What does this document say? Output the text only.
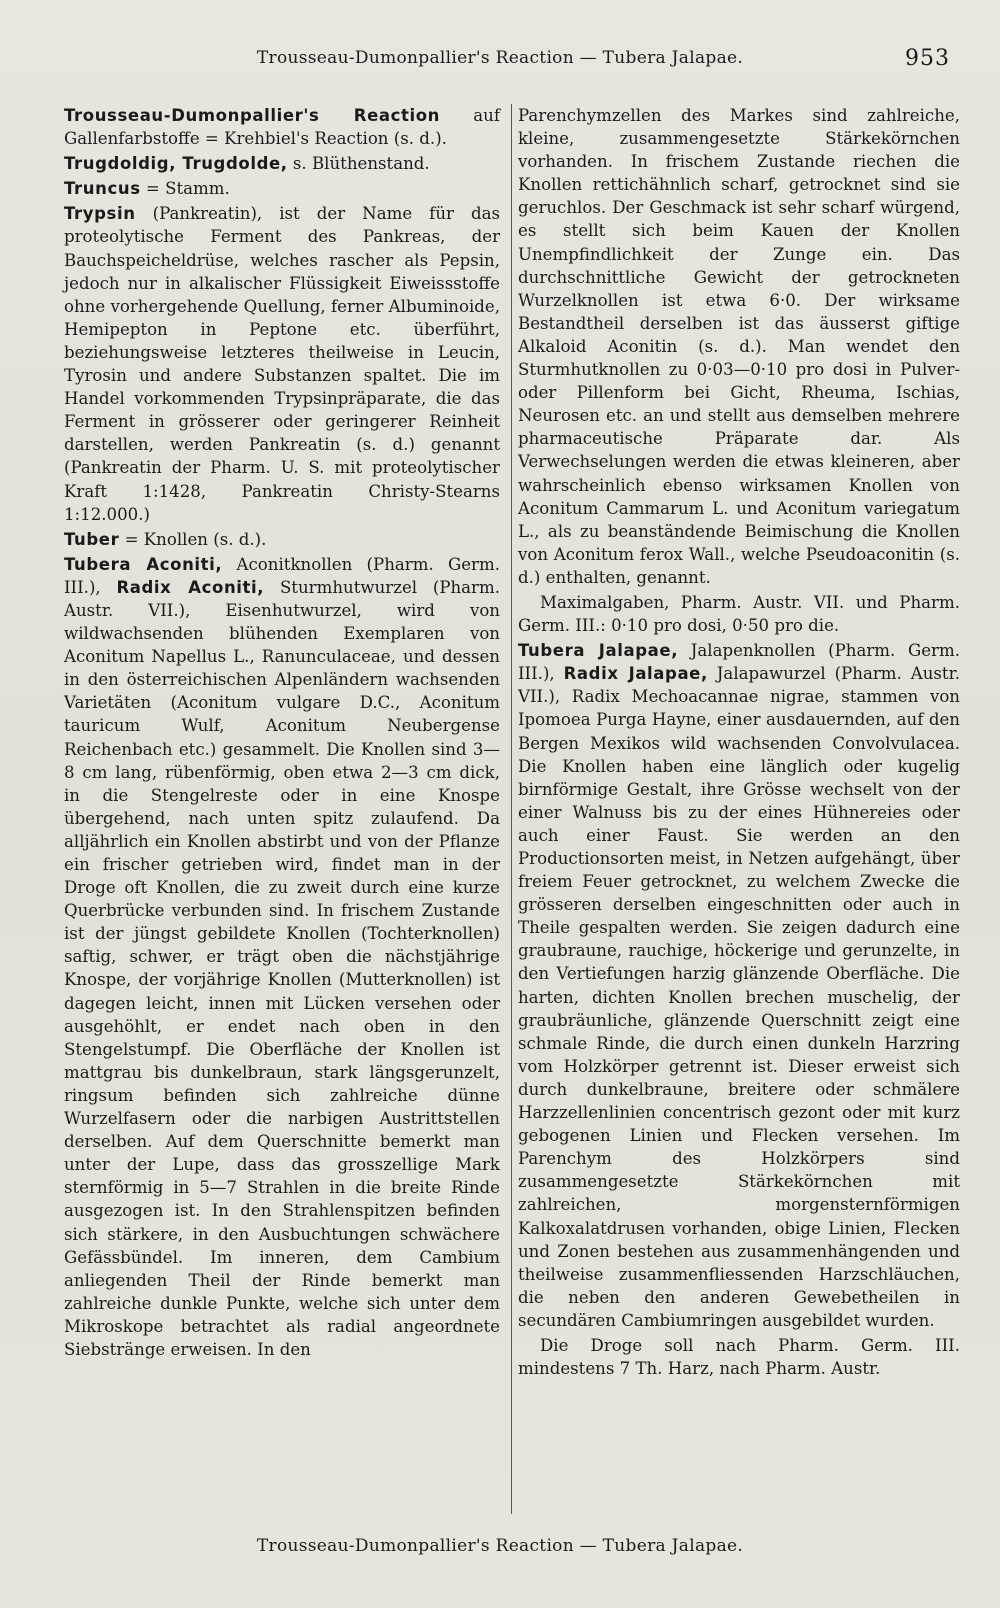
Trousseau-Dumonpallier's Reaction — Tubera Jalapae.	953

Trousseau-Dumonpallier's Reaction auf Gallenfarbstoffe = Krehbiel's Reaction (s. d.).

Trugdoldig, Trugdolde, s. Blüthenstand.

Truncus = Stamm.

Trypsin (Pankreatin), ist der Name für das proteolytische Ferment des Pankreas, der Bauchspeicheldrüse, welches rascher als Pepsin, jedoch nur in alkalischer Flüssigkeit Eiweissstoffe ohne vorhergehende Quellung, ferner Albuminoide, Hemipepton in Peptone etc. überführt, beziehungsweise letzteres theilweise in Leucin, Tyrosin und andere Substanzen spaltet. Die im Handel vorkommenden Trypsinpräparate, die das Ferment in grösserer oder geringerer Reinheit darstellen, werden Pankreatin (s. d.) genannt (Pankreatin der Pharm. U. S. mit proteolytischer Kraft 1:1428, Pankreatin Christy-Stearns 1:12.000.)

Tuber = Knollen (s. d.).

Tubera Aconiti, Aconitknollen (Pharm. Germ. III.), Radix Aconiti, Sturmhutwurzel (Pharm. Austr. VII.), Eisenhutwurzel, wird von wildwachsenden blühenden Exemplaren von Aconitum Napellus L., Ranunculaceae, und dessen in den österreichischen Alpenländern wachsenden Varietäten (Aconitum vulgare D.C., Aconitum tauricum Wulf, Aconitum Neubergense Reichenbach etc.) gesammelt. Die Knollen sind 3—8 cm lang, rübenförmig, oben etwa 2—3 cm dick, in die Stengelreste oder in eine Knospe übergehend, nach unten spitz zulaufend. Da alljährlich ein Knollen abstirbt und von der Pflanze ein frischer getrieben wird, findet man in der Droge oft Knollen, die zu zweit durch eine kurze Querbrücke verbunden sind. In frischem Zustande ist der jüngst gebildete Knollen (Tochterknollen) saftig, schwer, er trägt oben die nächstjährige Knospe, der vorjährige Knollen (Mutterknollen) ist dagegen leicht, innen mit Lücken versehen oder ausgehöhlt, er endet nach oben in den Stengelstumpf. Die Oberfläche der Knollen ist mattgrau bis dunkelbraun, stark längsgerunzelt, ringsum befinden sich zahlreiche dünne Wurzelfasern oder die narbigen Austrittstellen derselben. Auf dem Querschnitte bemerkt man unter der Lupe, dass das grosszellige Mark sternförmig in 5—7 Strahlen in die breite Rinde ausgezogen ist. In den Strahlenspitzen befinden sich stärkere, in den Ausbuchtungen schwächere Gefässbündel. Im inneren, dem Cambium anliegenden Theil der Rinde bemerkt man zahlreiche dunkle Punkte, welche sich unter dem Mikroskope betrachtet als radial angeordnete Siebstränge erweisen. In den

Parenchymzellen des Markes sind zahlreiche, kleine, zusammengesetzte Stärkekörnchen vorhanden. In frischem Zustande riechen die Knollen rettichähnlich scharf, getrocknet sind sie geruchlos. Der Geschmack ist sehr scharf würgend, es stellt sich beim Kauen der Knollen Unempfindlichkeit der Zunge ein. Das durchschnittliche Gewicht der getrockneten Wurzelknollen ist etwa 6·0. Der wirksame Bestandtheil derselben ist das äusserst giftige Alkaloid Aconitin (s. d.). Man wendet den Sturmhutknollen zu 0·03—0·10 pro dosi in Pulver- oder Pillenform bei Gicht, Rheuma, Ischias, Neurosen etc. an und stellt aus demselben mehrere pharmaceutische Präparate dar. Als Verwechselungen werden die etwas kleineren, aber wahrscheinlich ebenso wirksamen Knollen von Aconitum Cammarum L. und Aconitum variegatum L., als zu beanständende Beimischung die Knollen von Aconitum ferox Wall., welche Pseudoaconitin (s. d.) enthalten, genannt.

Maximalgaben, Pharm. Austr. VII. und Pharm. Germ. III.: 0·10 pro dosi, 0·50 pro die.

Tubera Jalapae, Jalapenknollen (Pharm. Germ. III.), Radix Jalapae, Jalapawurzel (Pharm. Austr. VII.), Radix Mechoacannae nigrae, stammen von Ipomoea Purga Hayne, einer ausdauernden, auf den Bergen Mexikos wild wachsenden Convolvulacea. Die Knollen haben eine länglich oder kugelig birnförmige Gestalt, ihre Grösse wechselt von der einer Walnuss bis zu der eines Hühnereies oder auch einer Faust. Sie werden an den Productionsorten meist, in Netzen aufgehängt, über freiem Feuer getrocknet, zu welchem Zwecke die grösseren derselben eingeschnitten oder auch in Theile gespalten werden. Sie zeigen dadurch eine graubraune, rauchige, höckerige und gerunzelte, in den Vertiefungen harzig glänzende Oberfläche. Die harten, dichten Knollen brechen muschelig, der graubräunliche, glänzende Querschnitt zeigt eine schmale Rinde, die durch einen dunkeln Harzring vom Holzkörper getrennt ist. Dieser erweist sich durch dunkelbraune, breitere oder schmälere Harzzellenlinien concentrisch gezont oder mit kurz gebogenen Linien und Flecken versehen. Im Parenchym des Holzkörpers sind zusammengesetzte Stärkekörnchen mit zahlreichen, morgensternförmigen Kalkoxalatdrusen vorhanden, obige Linien, Flecken und Zonen bestehen aus zusammenhängenden und theilweise zusammenfliessenden Harzschläuchen, die neben den anderen Gewebetheilen in secundären Cambiumringen ausgebildet wurden.

Die Droge soll nach Pharm. Germ. III. mindestens 7 Th. Harz, nach Pharm. Austr.

Trousseau-Dumonpallier's Reaction — Tubera Jalapae.
